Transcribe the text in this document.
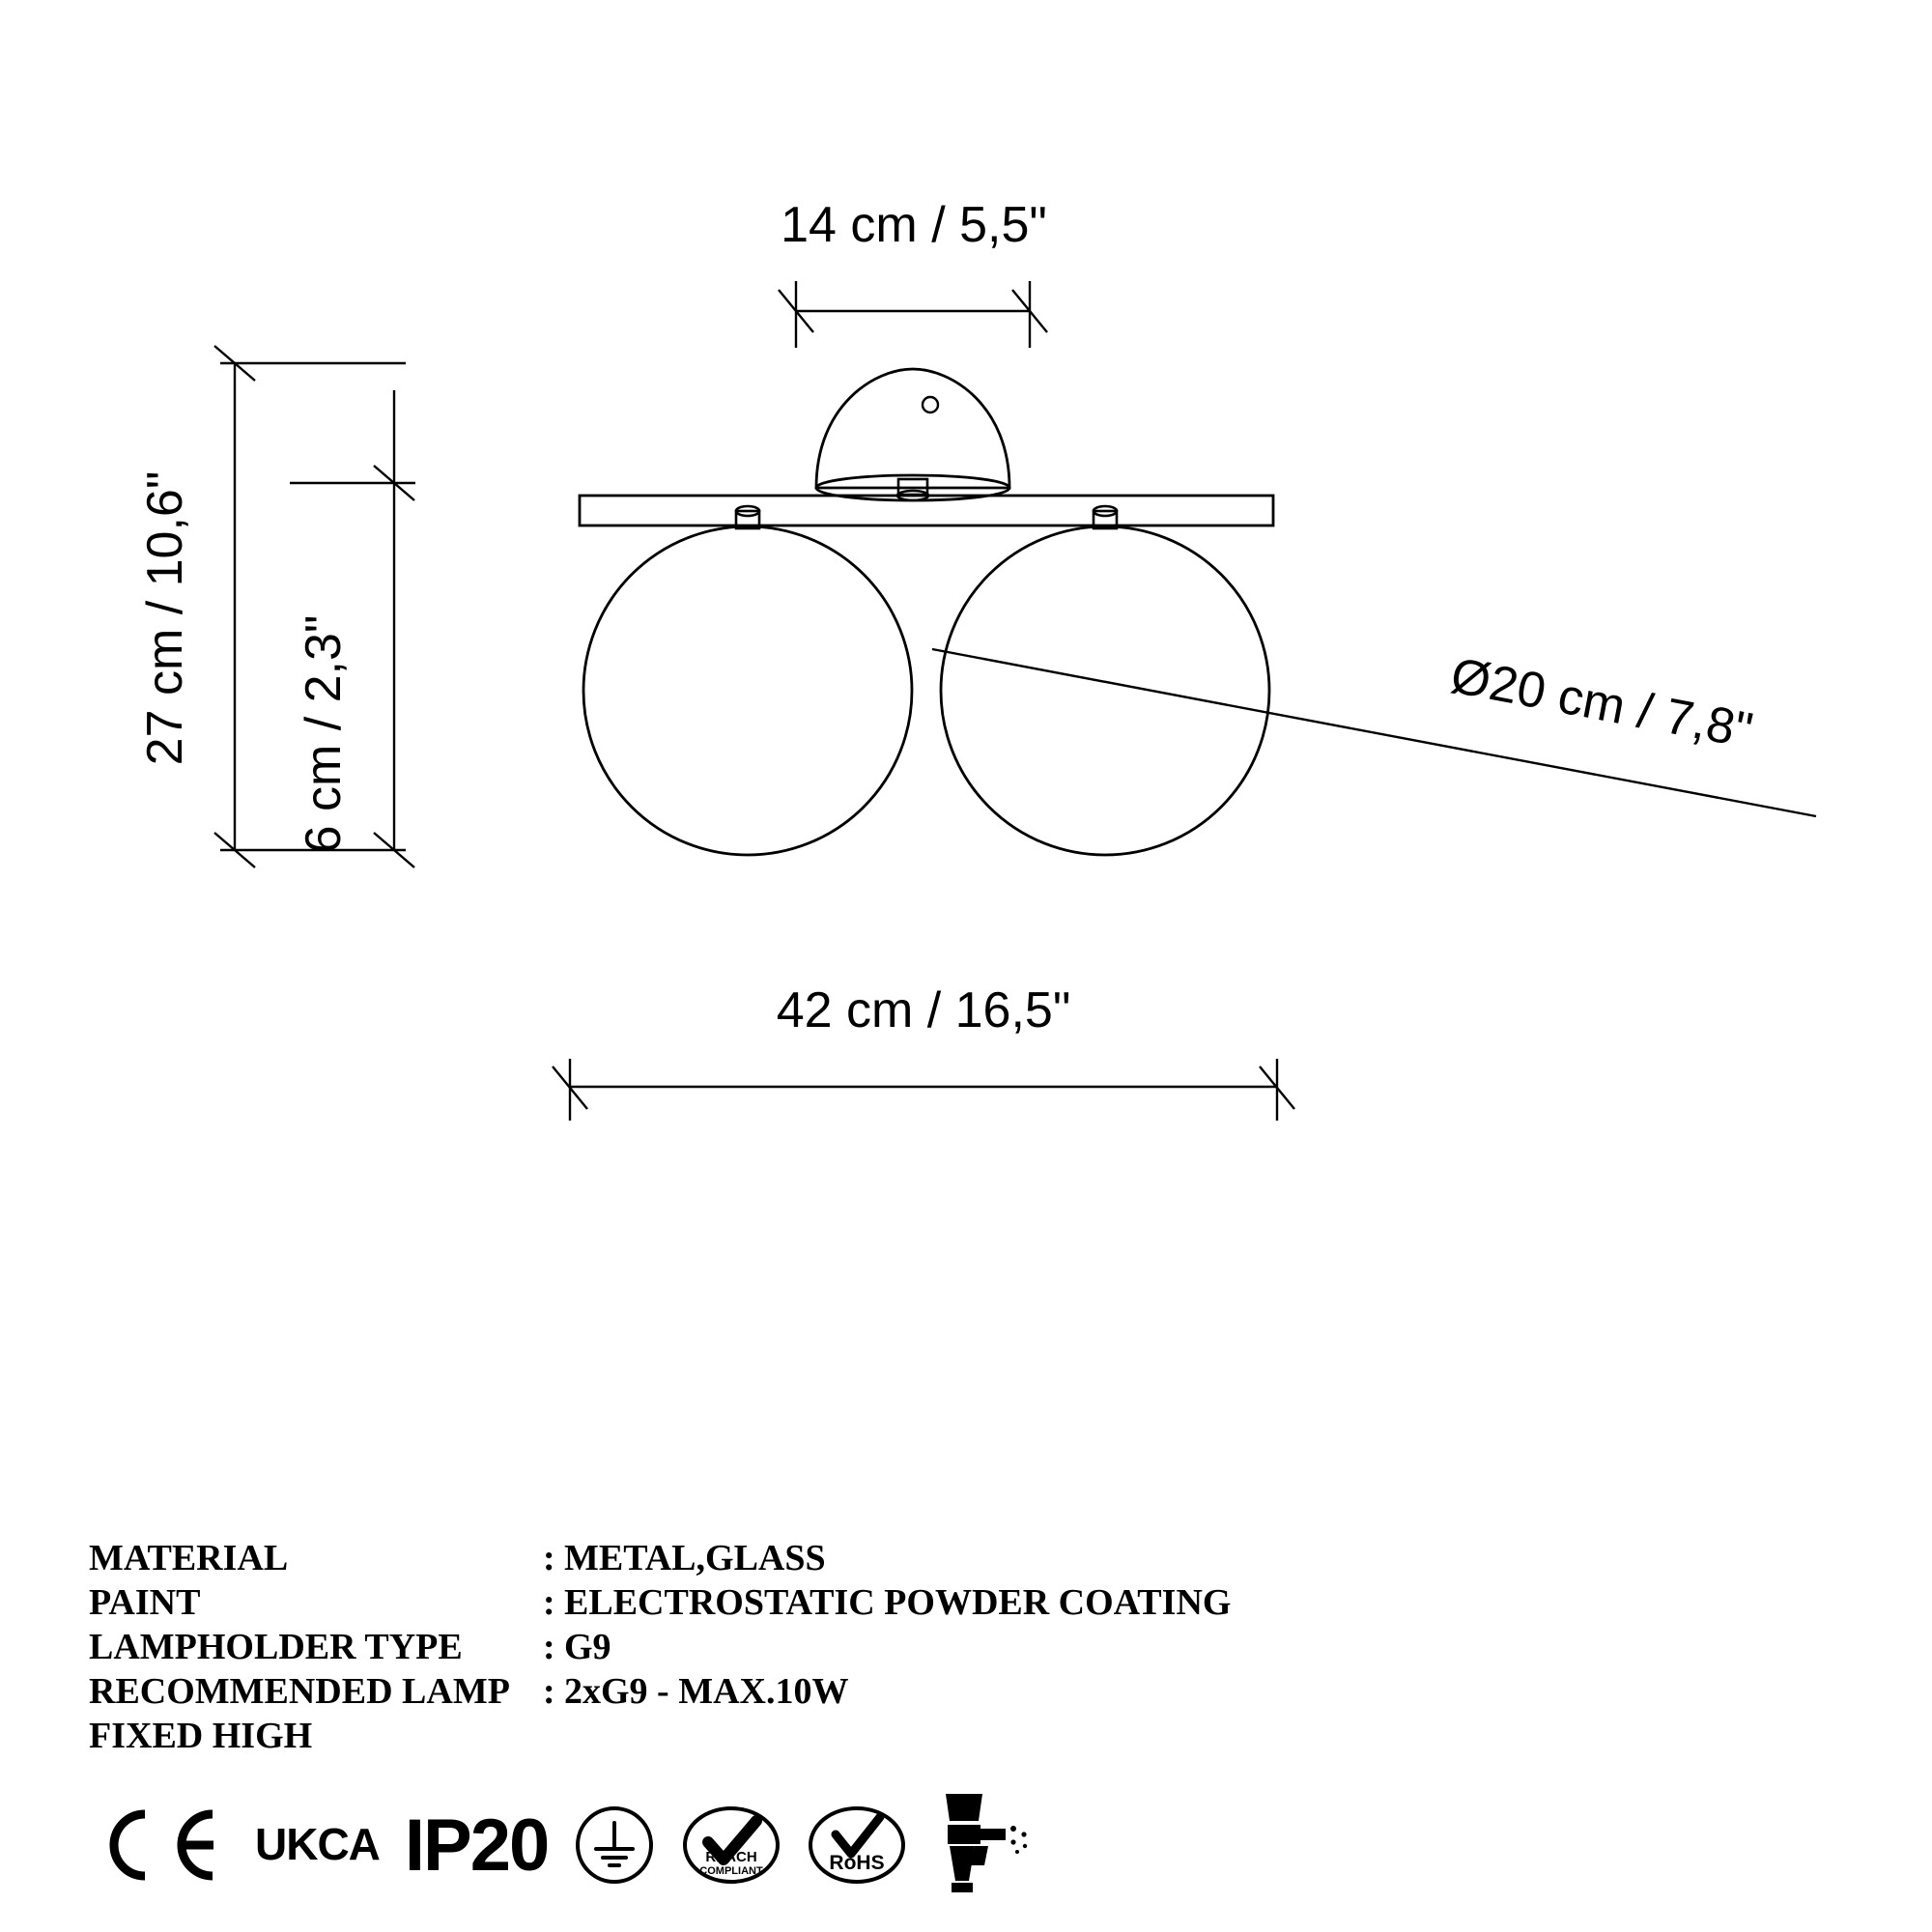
14 cm / 5,5"
27 cm / 10,6" 6 cm / 2,3"	Ø20 cm / 7,8"
42 cm / 16,5"
MATERIAL	: METAL,GLASS
PAINT	: ELECTROSTATIC POWDER COATING
LAMPHOLDER TYPE	: G9
RECOMMENDED LAMP : 2xG9 - MAX.10W
FIXED HIGH
UK CA IP20	REACH
COMPLIANT	RoHS
